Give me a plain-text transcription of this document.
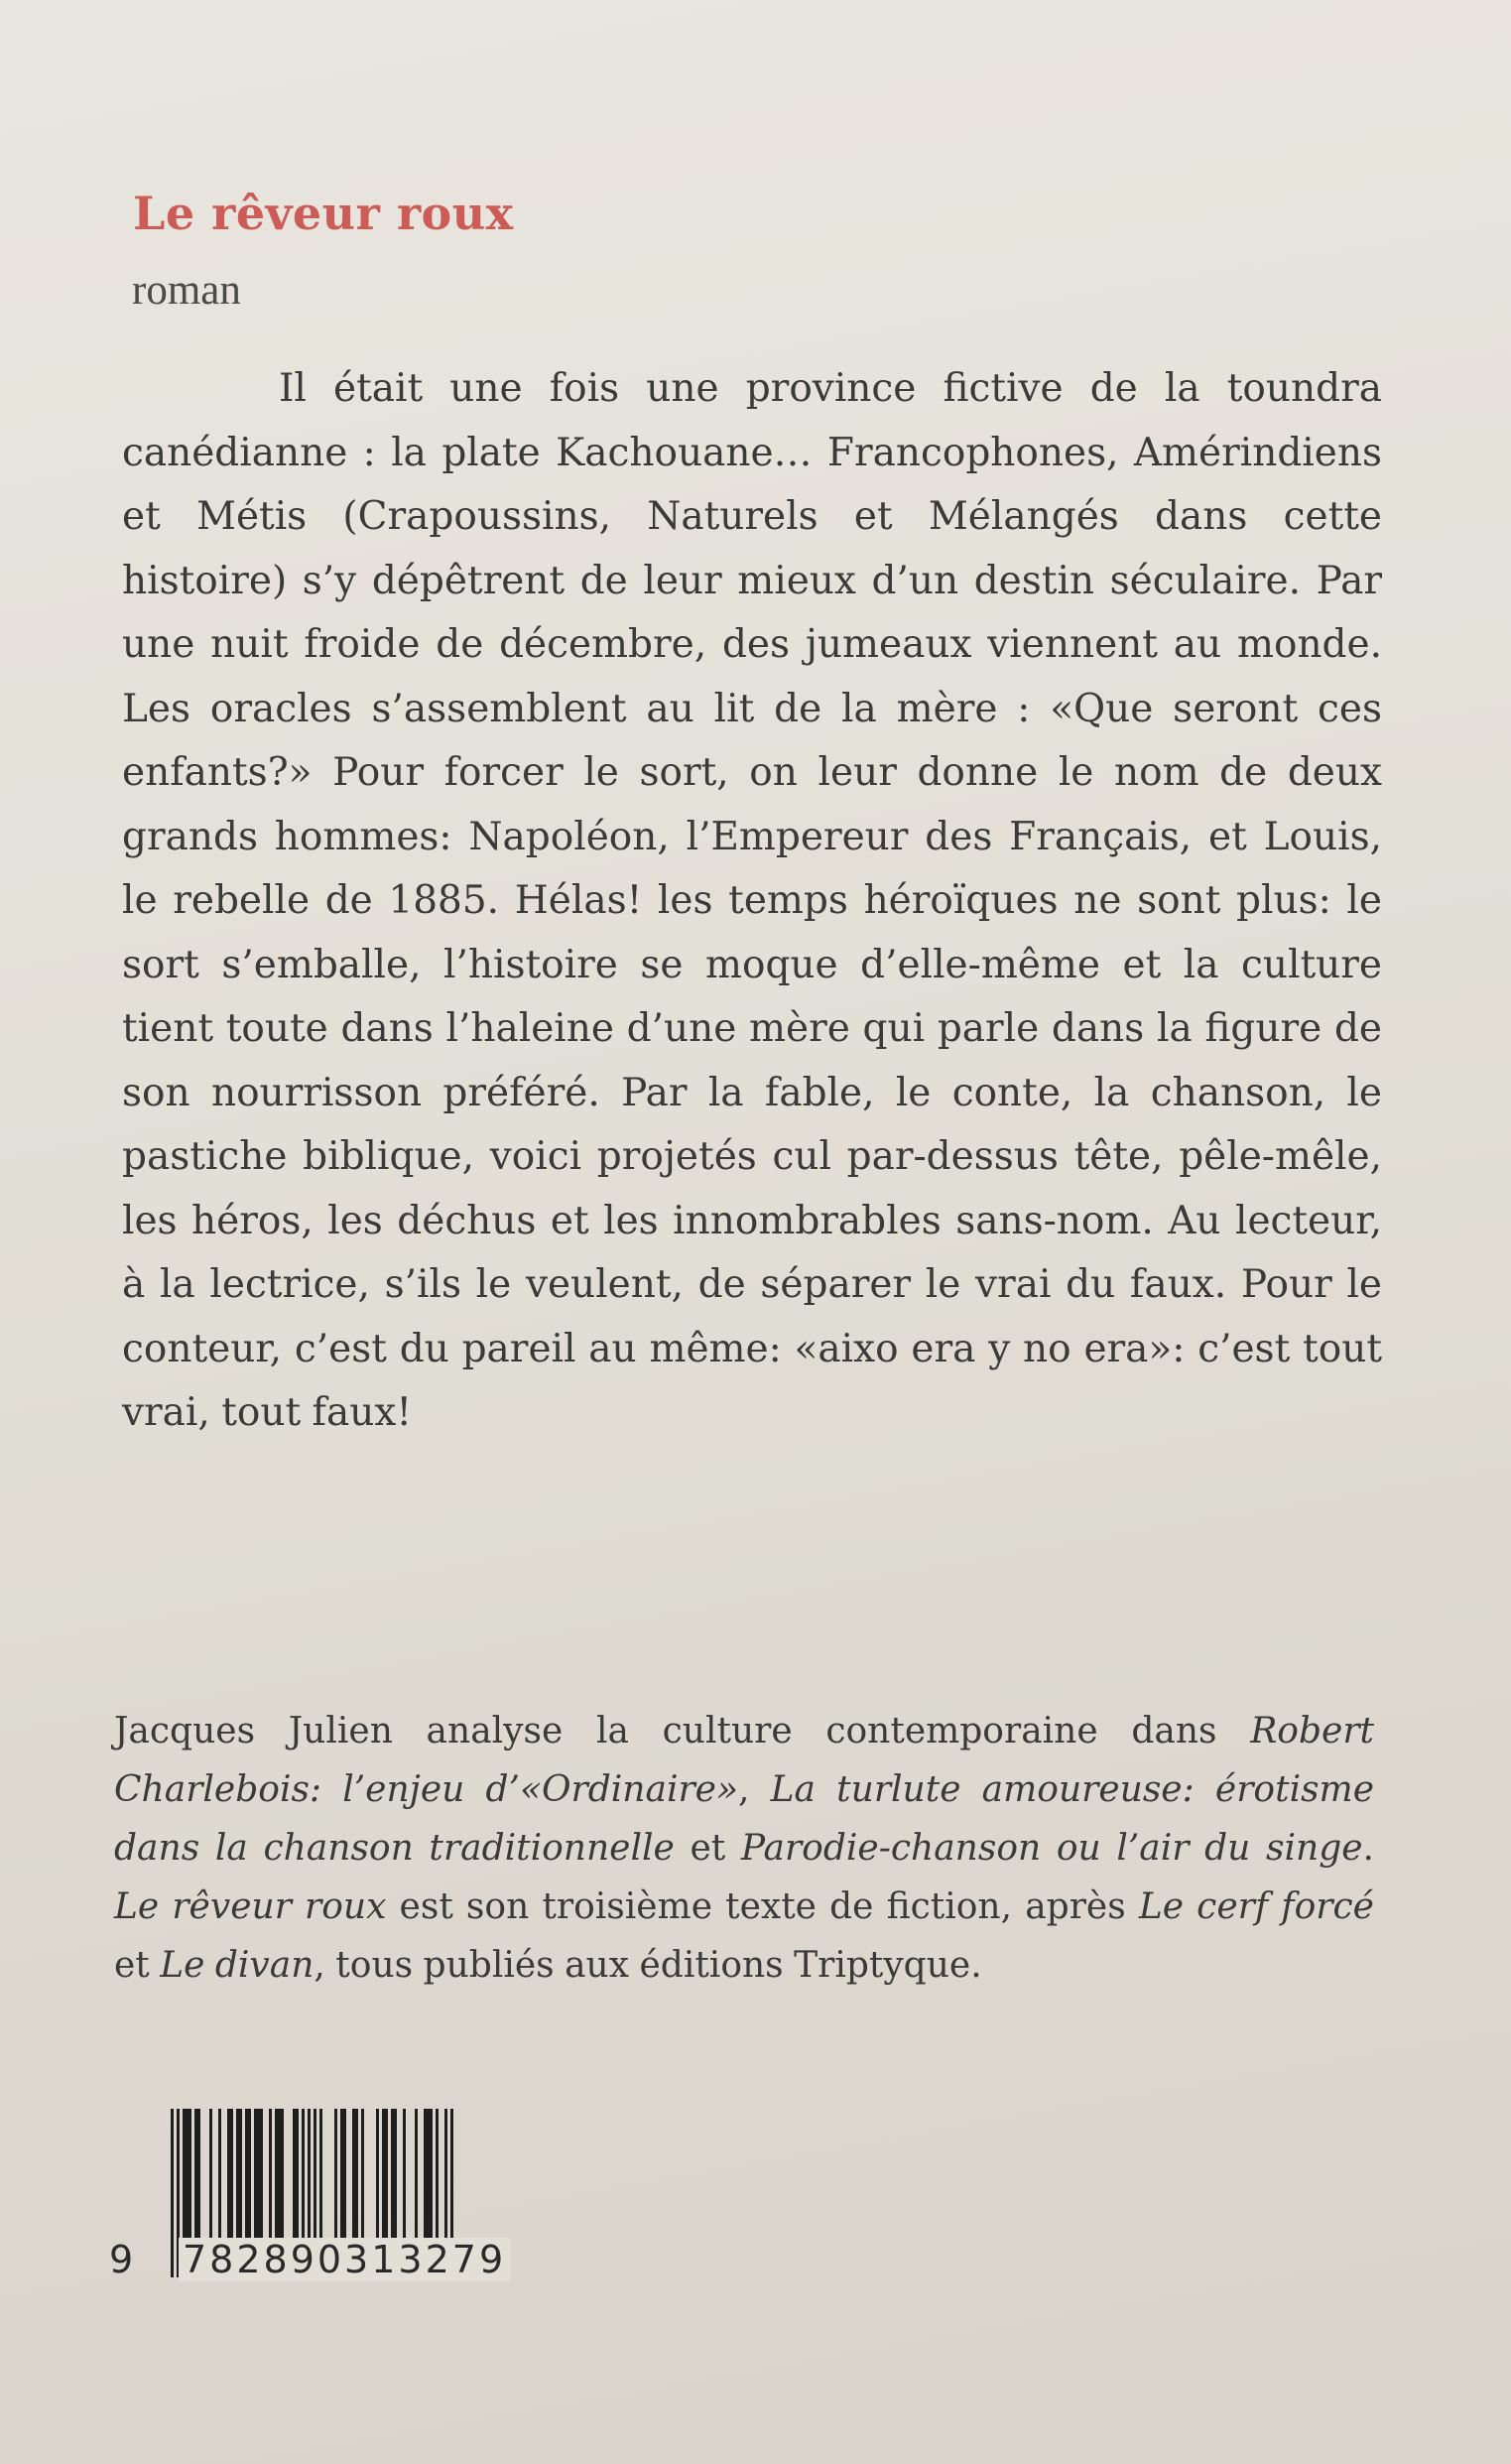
Le rêveur roux

roman

Il était une fois une province fictive de la toundra canédianne : la plate Kachouane… Francophones, Amérindiens et Métis (Crapoussins, Naturels et Mélangés dans cette histoire) s’y dépêtrent de leur mieux d’un destin séculaire. Par une nuit froide de décembre, des jumeaux viennent au monde. Les oracles s’assemblent au lit de la mère : «Que seront ces enfants?» Pour forcer le sort, on leur donne le nom de deux grands hommes: Napoléon, l’Empereur des Français, et Louis, le rebelle de 1885. Hélas! les temps héroïques ne sont plus: le sort s’emballe, l’histoire se moque d’elle-même et la culture tient toute dans l’haleine d’une mère qui parle dans la figure de son nourrisson préféré. Par la fable, le conte, la chanson, le pastiche biblique, voici projetés cul par-dessus tête, pêle-mêle, les héros, les déchus et les innombrables sans-nom. Au lecteur, à la lectrice, s’ils le veulent, de séparer le vrai du faux. Pour le conteur, c’est du pareil au même: «aixo era y no era»: c’est tout vrai, tout faux!

Jacques Julien analyse la culture contemporaine dans Robert Charlebois: l’enjeu d’«Ordinaire», La turlute amoureuse: érotisme dans la chanson traditionnelle et Parodie-chanson ou l’air du singe. Le rêveur roux est son troisième texte de fiction, après Le cerf forcé et Le divan, tous publiés aux éditions Triptyque.

9 782890313279
